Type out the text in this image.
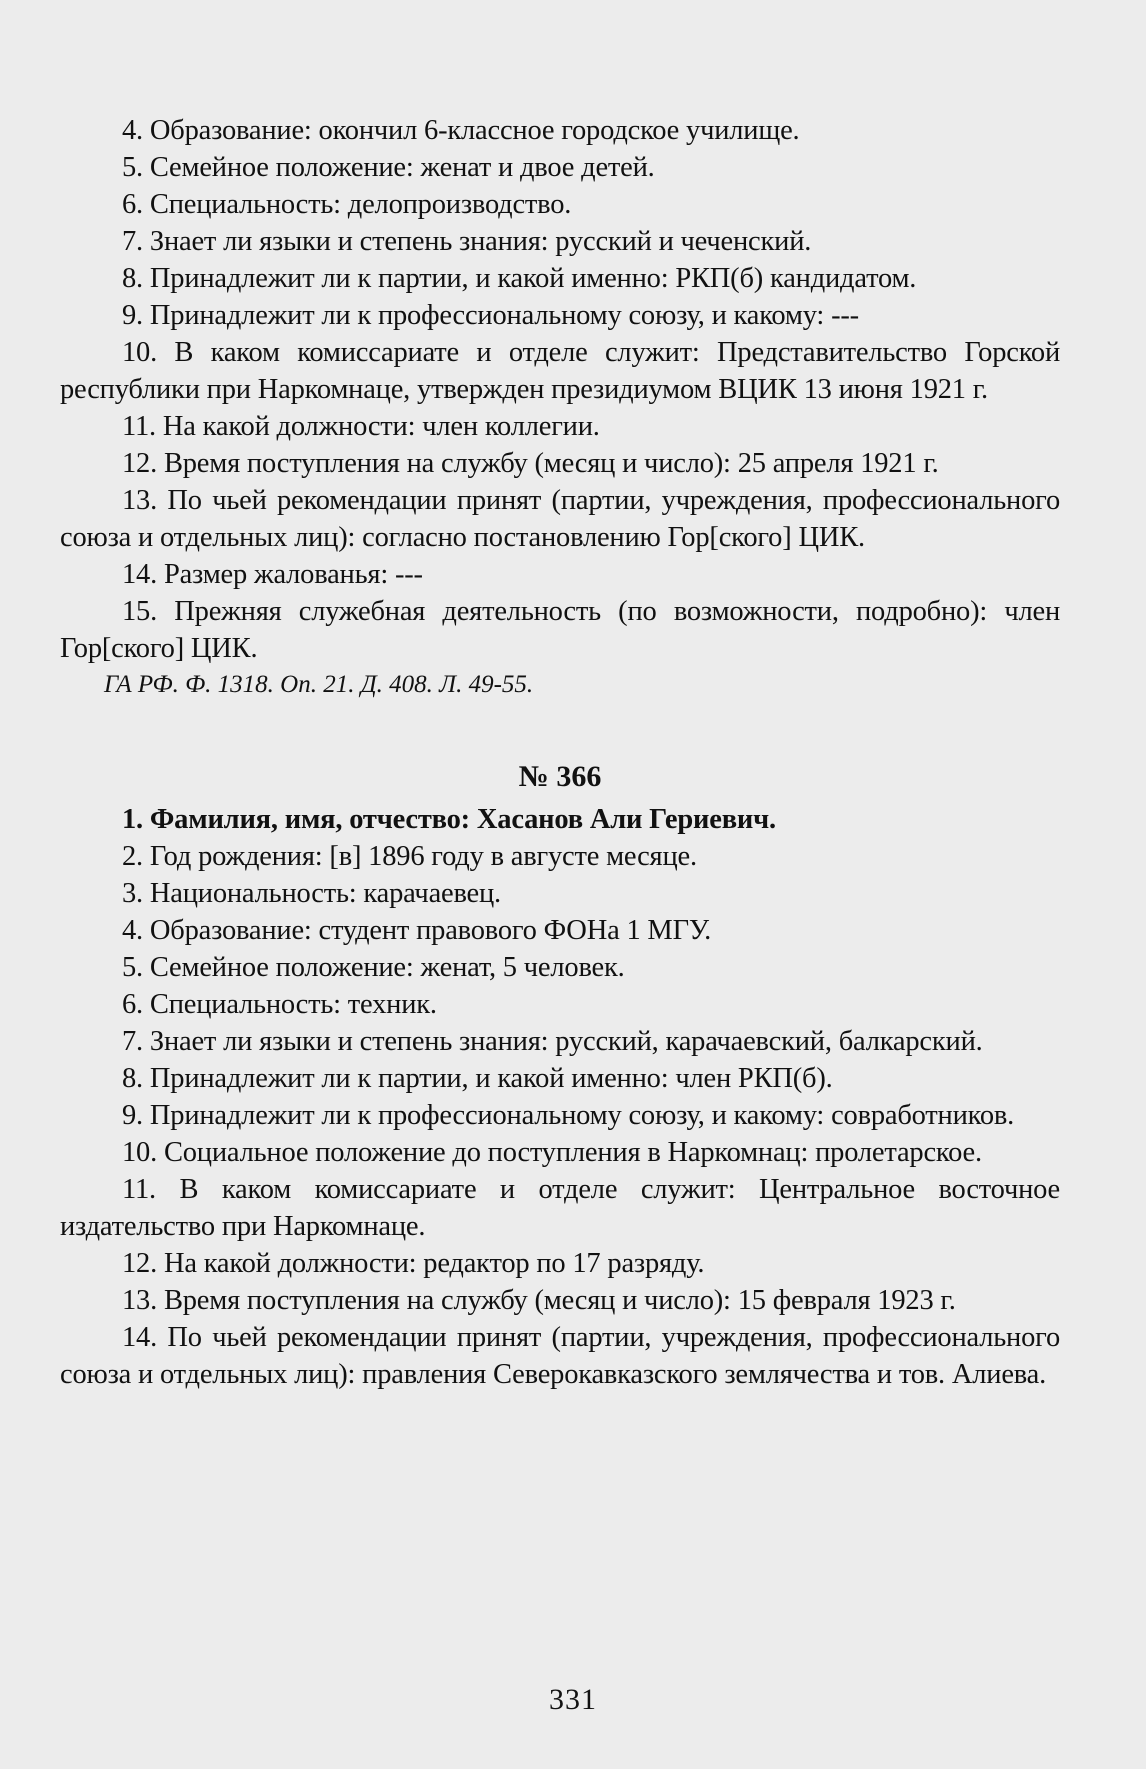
4. Образование: окончил 6-классное городское училище.

5. Семейное положение: женат и двое детей.

6. Специальность: делопроизводство.

7. Знает ли языки и степень знания: русский и чеченский.

8. Принадлежит ли к партии, и какой именно: РКП(б) кандидатом.

9. Принадлежит ли к профессиональному союзу, и какому: ---

10. В каком комиссариате и отделе служит: Представительство Горской республики при Наркомнаце, утвержден президиумом ВЦИК 13 июня 1921 г.

11. На какой должности: член коллегии.

12. Время поступления на службу (месяц и число): 25 апреля 1921 г.

13. По чьей рекомендации принят (партии, учреждения, профессионального союза и отдельных лиц): согласно постановлению Гор[ского] ЦИК.

14. Размер жалованья: ---

15. Прежняя служебная деятельность (по возможности, подробно): член Гор[ского] ЦИК.

ГА РФ. Ф. 1318. Оп. 21. Д. 408. Л. 49-55.

№ 366

1. Фамилия, имя, отчество: Хасанов Али Гериевич.

2. Год рождения: [в] 1896 году в августе месяце.

3. Национальность: карачаевец.

4. Образование: студент правового ФОНа 1 МГУ.

5. Семейное положение: женат, 5 человек.

6. Специальность: техник.

7. Знает ли языки и степень знания: русский, карачаевский, балкарский.

8. Принадлежит ли к партии, и какой именно: член РКП(б).

9. Принадлежит ли к профессиональному союзу, и какому: совработников.

10. Социальное положение до поступления в Наркомнац: пролетарское.

11. В каком комиссариате и отделе служит: Центральное восточное издательство при Наркомнаце.

12. На какой должности: редактор по 17 разряду.

13. Время поступления на службу (месяц и число): 15 февраля 1923 г.

14. По чьей рекомендации принят (партии, учреждения, профессионального союза и отдельных лиц): правления Северокавказского землячества и тов. Алиева.

331
